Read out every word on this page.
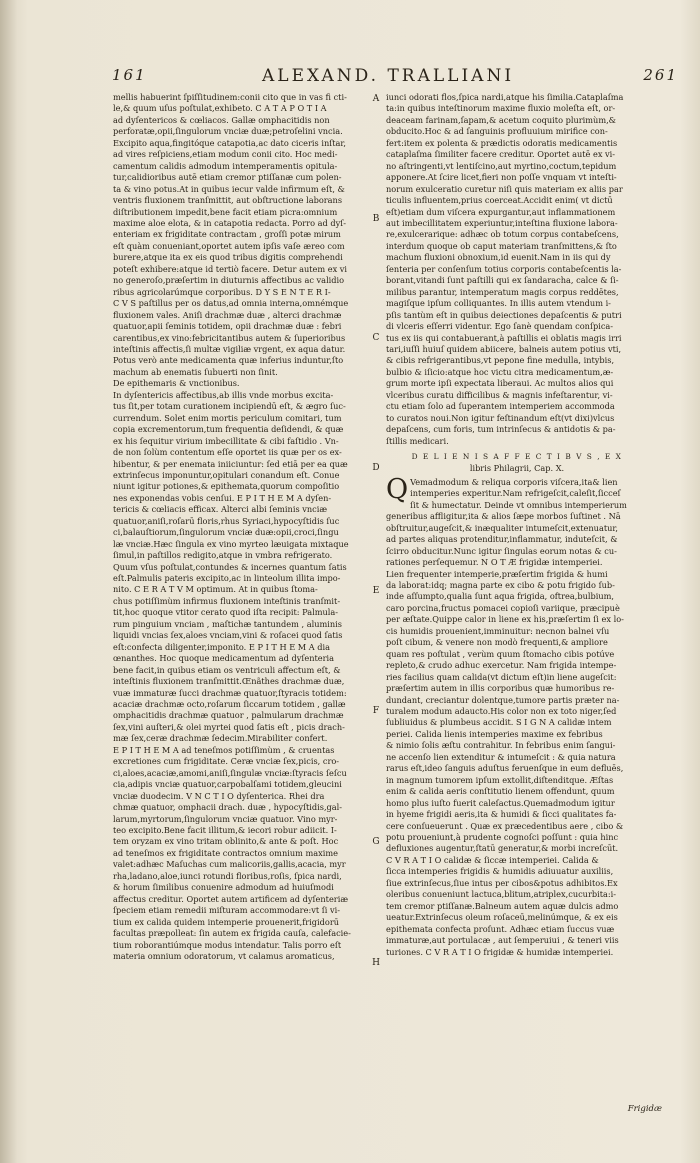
161	ALEXAND. TRALLIANI	261

mellis habuerint ſpiſſitudinem:conii cito que in vas fi cti-

le,& quum uſus poſtulat,exhibeto. C A T A P O T I A

ad dyſentericos & cœliacos. Gallæ omphacitidis non

perforatæ,opii,ſingulorum vnciæ duæ;petroſelini vncia.

Excipito aqua,fingitóque catapotia,ac dato ciceris inſtar,

ad vires reſpiciens,etiam modum conii cito. Hoc medi-

camentum calidis admodum intemperamentis opitula-

tur,calidioribus autē etiam cremor ptiſſanæ cum polen-

ta & vino potus.At in quibus iecur valde infirmum eſt, &

ventris fluxionem tranſmittit, aut obſtructione laborans

diſtributionem impedit,bene facit etiam picra:omnium

maxime aloe elota, & in catapotia redacta. Porro ad dyſ-

enteriam ex frigiditate contractam , groſſi potæ mirum

eſt quàm conueniant,oportet autem ipſis vaſe æreo com

burere,atque ita ex eis quod tribus digitis comprehendi

poteſt exhibere:atque id tertiò facere. Detur autem ex vi

no generoſo,præſertim in diuturnis affectibus ac validio

ribus agricolarúmque corporibus. D Y S E N T E R I-

C V S paſtillus per os datus,ad omnia interna,omnémque

fluxionem vales. Aniſi drachmæ duæ , alterci drachmæ

quatuor,apii ſeminis totidem, opii drachmæ duæ : febri

carentibus,ex vino:febricitantibus autem & ſuperioribus

inteſtinis affectis,ſi multæ vigiliæ vrgent, ex aqua datur.

Potus verò ante medicamenta quæ inferius induntur,ſto

machum ab enematis ſubuerti non ſinit.

De epithemaris & vnctionibus.

In dyſentericis affectibus,ab illis vnde morbus excita-

tus ſit,per totam curationem incipiendū eſt, & ægro ſuc-

currendum. Solet enim mortis periculum comitari, tum

copia excrementorum,tum frequentia deſidendi, & quæ

ex his ſequitur virium imbecillitate & cibi faſtidio . Vn-

de non ſolùm contentum eſſe oportet iis quæ per os ex-

hibentur, & per enemata iniiciuntur: ſed etiā per ea quæ

extrinſecus imponuntur,opitulari conandum eſt. Conue

niunt igitur potiones,& epithemata,quorum compoſitio

nes exponendas vobis cenſui. E P I T H E M A dyſen-

tericis & cœliacis efficax. Alterci albi ſeminis vnciæ

quatuor,aniſi,roſarū floris,rhus Syriaci,hypocyſtidis ſuc

ci,balauſtiorum,ſingulorum vnciæ duæ:opii,croci,ſingu

læ vnciæ.Hæc ſingula ex vino myrteo læuigata mixtaque

ſimul,in paſtillos redigito,atque in vmbra refrigerato.

Quum vſus poſtulat,contundes & incernes quantum ſatis

eſt.Palmulis pateris excipito,ac in linteolum illita impo-

nito. C E R A T V M optimum. At in quibus ſtoma-

chus potiſſimùm infirmus fluxionem inteſtinis tranſmit-

tit,hoc quoque vtitor cerato quod iſta recipit: Palmula-

rum pinguium vnciam , maſtichæ tantundem , aluminis

liquidi vncias ſex,aloes vnciam,vini & roſacei quod ſatis

eſt:confecta diligenter,imponito. E P I T H E M A dia

œnanthes. Hoc quoque medicamentum ad dyſenteria

bene facit,in quibus etiam os ventriculi affectum eſt, &

inteſtinis fluxionem tranſmittit.Œnãthes drachmæ duæ,

vuæ immaturæ ſucci drachmæ quatuor,ſtyracis totidem:

acaciæ drachmæ octo,roſarum ſiccarum totidem , gallæ

omphacitidis drachmæ quatuor , palmularum drachmæ

ſex,vini auſteri,& olei myrtei quod ſatis eſt , picis drach-

mæ ſex,ceræ drachmæ ſedecim.Mirabiliter confert.

E P I T H E M A ad teneſmos potiſſimùm , & cruentas

excretiones cum frigiditate. Ceræ vnciæ ſex,picis, cro-

ci,aloes,acaciæ,amomi,aniſi,ſingulæ vnciæ:ſtyracis ſeſcu

cia,adipis vnciæ quatuor,carpobalſami totidem,gleucini

vnciæ duodecim. V N C T I O dyſenterica. Rhei dra

chmæ quatuor, omphacii drach. duæ , hypocyſtidis,gal-

larum,myrtorum,ſingulorum vnciæ quatuor. Vino myr-

teo excipito.Bene facit illitum,& iecori robur adiicit. I-

tem oryzam ex vino tritam oblinito,& ante & poſt. Hoc

ad teneſmos ex frigiditate contractos omnium maxime

valet:adhæc Maſuchas cum malicoriis,gallis,acacia, myr

rha,ladano,aloe,iunci rotundi floribus,roſis, ſpica nardi,

& horum ſimilibus conuenire admodum ad huiuſmodi

affectus creditur. Oportet autem artificem ad dyſenteriæ

ſpeciem etiam remedii miſturam accommodare:vt ſi vi-

tium ex calida quidem intemperie prouenerit,frigidorū

facultas præpolleat: ſin autem ex frigida cauſa, calefacie-

tium roborantiúmque modus intendatur. Talis porro eſt

materia omnium odoratorum, vt calamus aromaticus,

iunci odorati flos,ſpica nardi,atque his ſimilia.Cataplaſma

ta:in quibus inteſtinorum maxime fluxio moleſta eſt, or-

deaceam farinam,ſapam,& acetum coquito plurimùm,&

obducito.Hoc & ad ſanguinis profluuium mirifice con-

fert:item ex polenta & prædictis odoratis medicamentis

cataplaſma ſimiliter facere creditur. Oportet autē ex vi-

no aſtringenti,vt lentiſcino,aut myrtino,coctum,tepidum

apponere.At ſcire licet,fieri non poſſe vnquam vt inteſti-

norum exulceratio curetur niſi quis materiam ex aliis par

ticulis influentem,prius coerceat.Accidit enim( vt dictū

eſt)etiam dum viſcera expurgantur,aut inflammationem

aut imbecillitatem experiuntur,inteſtina fluxione labora-

re,exulcerarique: adhæc ob totum corpus contabeſcens,

interdum quoque ob caput materiam tranſmittens,& ſto

machum fluxioni obnoxium,id euenit.Nam in iis qui dy

ſenteria per conſenſum totius corporis contabeſcentis la-

borant,vitandi ſunt paſtilli qui ex ſandaracha, calce & ſi-

milibus parantur, intemperatum magis corpus reddētes,

magiſque ipſum colliquantes. In illis autem vtendum i-

pſis tantùm eſt in quibus deiectiones depaſcentis & putri

di vlceris eſſerri videntur. Ego ſanè quendam conſpica-

tus ex iis qui contabuerant,à paſtillis ei oblatis magis irri

tari,iuſſi huiuſ quidem abiicere, balneis autem potius vti,

& cibis refrigerantibus,vt pepone fine medulla, intybis,

bulbio & iſicio:atque hoc victu citra medicamentum,æ-

grum morte ipſi expectata liberaui. Ac multos alios qui

vlceribus curatu difficilibus & magnis infeſtarentur, vi-

ctu etiam ſolo ad ſuperantem intemperiem accommoda

to curatos noui.Non igitur feſtinandum eſt(vt dixi)vlcus

depaſcens, cum foris, tum intrinſecus & antidotis & pa-

ſtillis medicari.

D E L I E N I S A F F E C T I B V S , E X

libris Philagrii, Cap. X.

Q Vemadmodum & reliqua corporis viſcera,ita& lien

intemperies experitur.Nam refrigeſcit,caleſit,ſicceſ

ſit & humectatur. Deinde vt omnibus intemperierum

generibus affligitur,ita & alios ſæpe morbos ſuſtinet . Nā

obſtruitur,augeſcit,& inæqualiter intumeſcit,extenuatur,

ad partes aliquas protenditur,inflammatur, induteſcit, &

ſcirro obducitur.Nunc igitur ſingulas eorum notas & cu-

rationes perſequemur. N O T Æ frigidæ intemperiei.

Lien frequenter intemperie,præſertim frigida & humi

da laborat:idq; magna parte ex cibo & potu frigido ſub-

inde aſſumpto,qualia ſunt aqua frigida, oftrea,bulbium,

caro porcina,fructus pomacei copioſi variique, præcipuè

per æſtate.Quippe calor in liene ex his,præſertim ſi ex lo-

cis humidis prouenient,imminuitur: necnon balnei vſu

poſt cibum, & venere non modò frequenti,& ampliore

quam res poſtulat , verùm quum ſtomacho cibis potúve

repleto,& crudo adhuc exercetur. Nam frigida intempe-

ries facilius quam calida(vt dictum eſt)in liene augeſcit:

præſertim autem in illis corporibus quæ humoribus re-

dundant, creciantur dolentque,tumore partis præter na-

turalem modum adaucto.His color non ex toto niger,ſed

ſubliuidus & plumbeus accidit. S I G N A calidæ intem

periei. Calida lienis intemperies maxime ex febribus

& nimio ſolis æſtu contrahitur. In febribus enim ſangui-

ne accenſo lien extenditur & intumeſcit : & quia natura

rarus eſt,ideo ſanguis aduſtus feruenſque in eum defluēs,

in magnum tumorem ipſum extollit,diſtenditque. Æſtas

enim & calida aeris conſtitutio lienem offendunt, quum

homo plus iuſto fuerit caleſactus.Quemadmodum igitur

in hyeme frigidi aeris,ita & humidi & ſicci qualitates fa-

cere conſueuerunt . Quæ ex præcedentibus aere , cibo &

potu proueniunt,à prudente cognoſci poſſunt : quia hinc

defluxiones augentur,ſtatū generatur,& morbi increſcūt.

C V R A T I O calidæ & ſiccæ intemperiei. Calida &

ſicca intemperies frigidis & humidis adiuuatur auxiliis,

ſiue extrinſecus,ſiue intus per cibos&potus adhibitos.Ex

oleribus conueniunt lactuca,blitum,atriplex,cucurbita:i-

tem cremor ptiſſanæ.Balneum autem aquæ dulcis admo

ueatur.Extrinſecus oleum roſaceū,melinúmque, & ex eis

epithemata confecta proſunt. Adhæc etiam ſuccus vuæ

immaturæ,aut portulacæ , aut ſemperuiui , & teneri viis

turiones. C V R A T I O frigidæ & humidæ intemperiei.

A
B
C
D
E
F
G
H
Frigidæ
